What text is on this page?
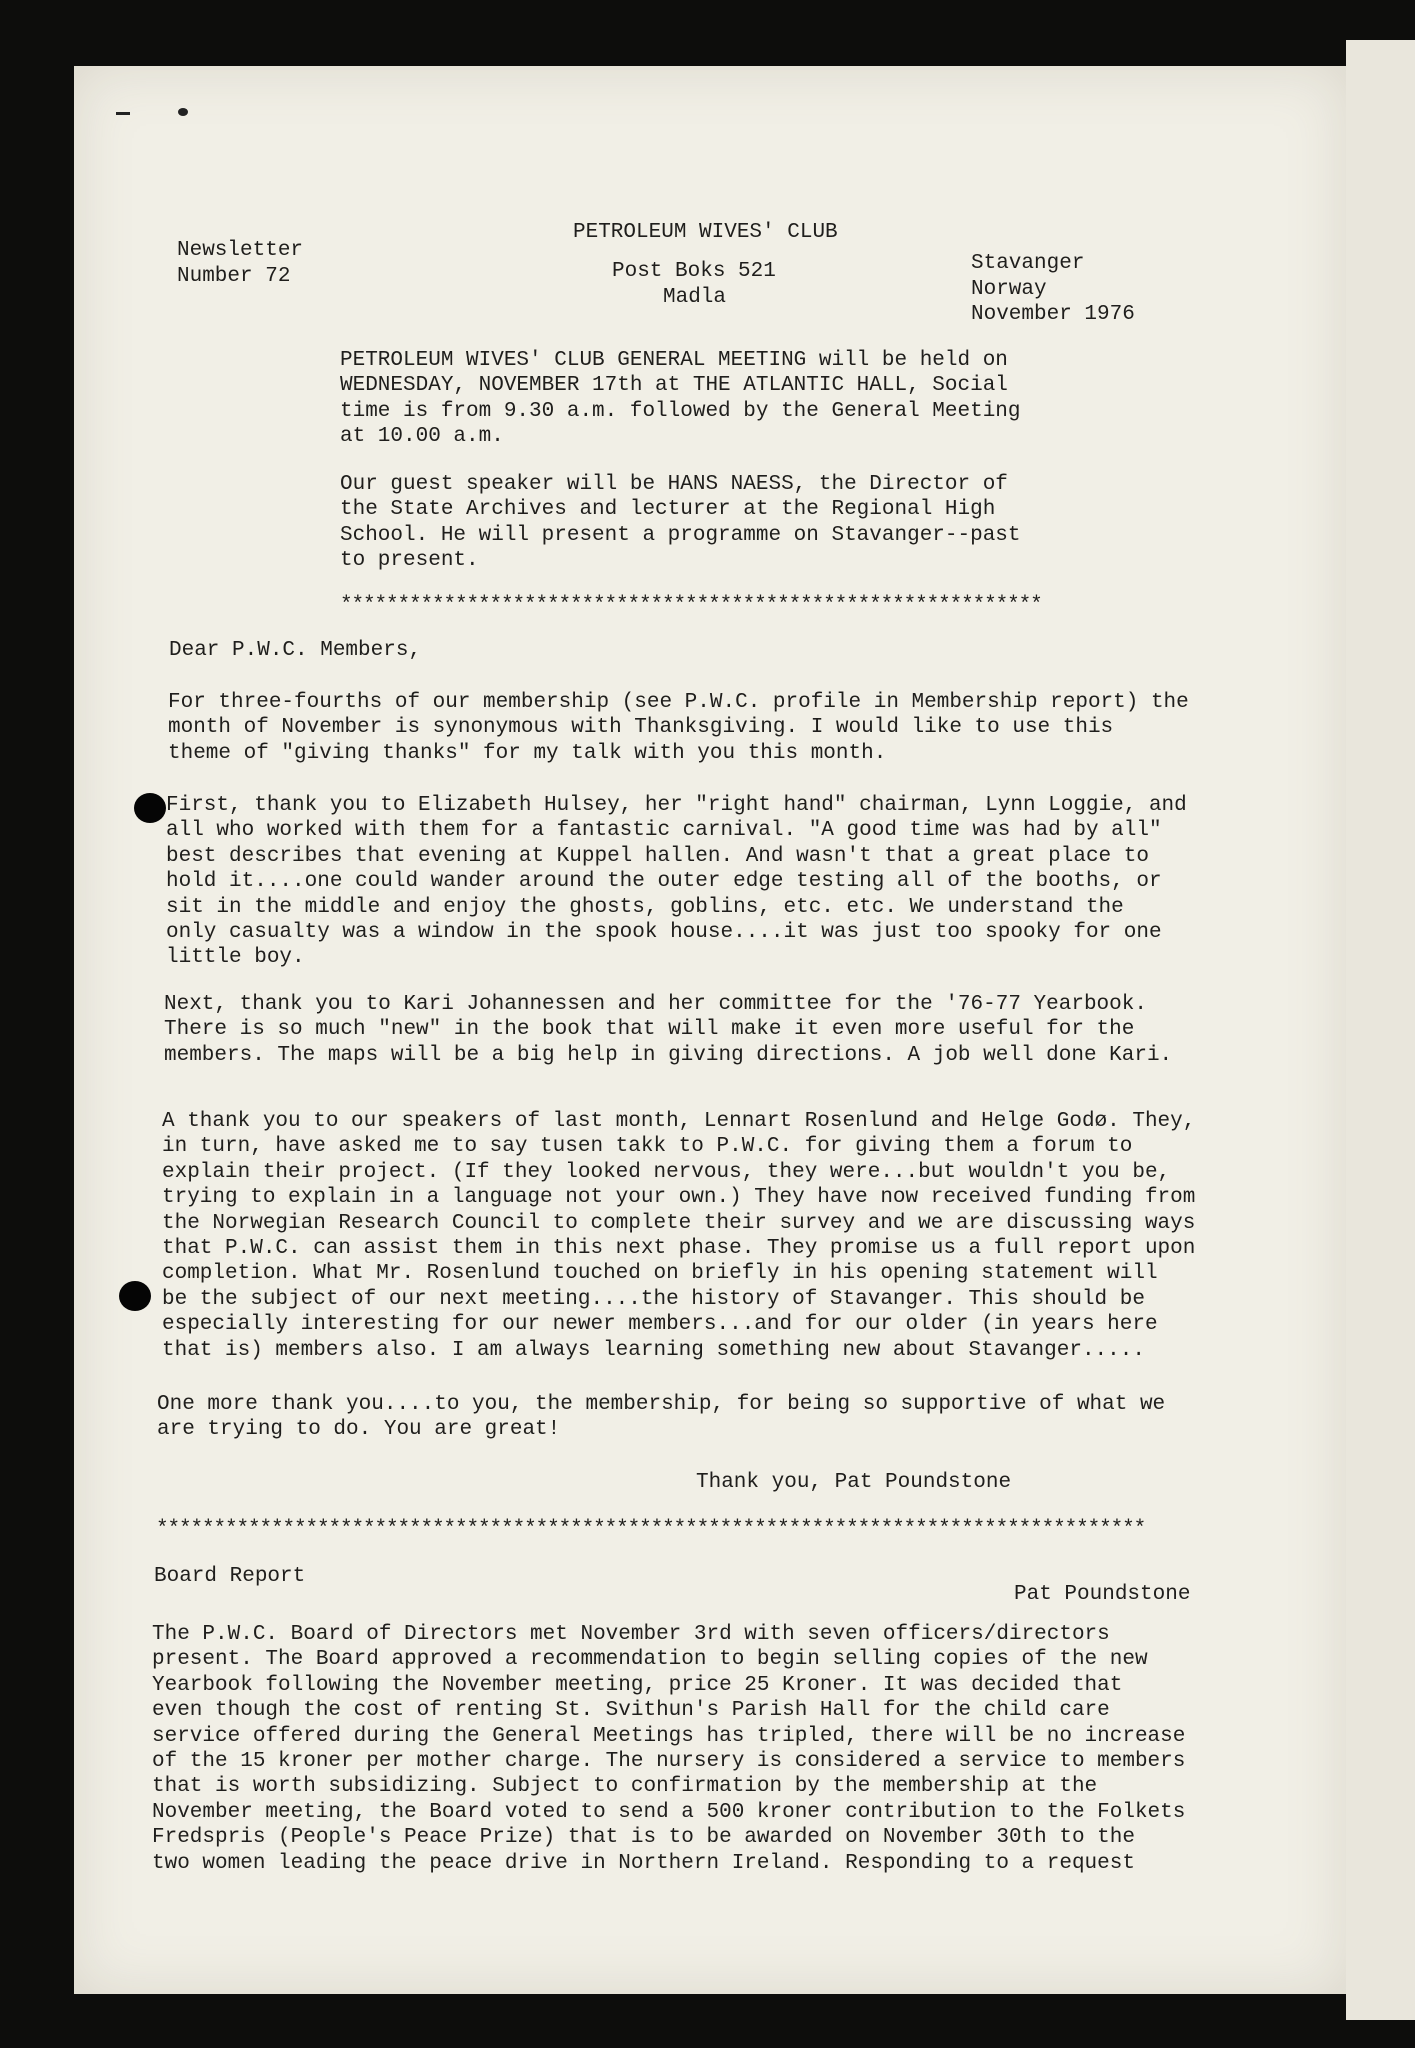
PETROLEUM WIVES' CLUB
Post Boks 521
Madla
Newsletter
Number 72
Stavanger
Norway
November 1976
PETROLEUM WIVES' CLUB GENERAL MEETING will be held on
WEDNESDAY, NOVEMBER 17th at THE ATLANTIC HALL, Social
time is from 9.30 a.m. followed by the General Meeting
at 10.00 a.m.
Our guest speaker will be HANS NAESS, the Director of
the State Archives and lecturer at the Regional High
School. He will present a programme on Stavanger--past
to present.
*************************************************************
Dear P.W.C. Members,
For three-fourths of our membership (see P.W.C. profile in Membership report) the
month of November is synonymous with Thanksgiving. I would like to use this
theme of "giving thanks" for my talk with you this month.
First, thank you to Elizabeth Hulsey, her "right hand" chairman, Lynn Loggie, and
all who worked with them for a fantastic carnival. "A good time was had by all"
best describes that evening at Kuppel hallen. And wasn't that a great place to
hold it....one could wander around the outer edge testing all of the booths, or
sit in the middle and enjoy the ghosts, goblins, etc. etc. We understand the
only casualty was a window in the spook house....it was just too spooky for one
little boy.
Next, thank you to Kari Johannessen and her committee for the '76-77 Yearbook.
There is so much "new" in the book that will make it even more useful for the
members. The maps will be a big help in giving directions. A job well done Kari.
A thank you to our speakers of last month, Lennart Rosenlund and Helge Godø. They,
in turn, have asked me to say tusen takk to P.W.C. for giving them a forum to
explain their project. (If they looked nervous, they were...but wouldn't you be,
trying to explain in a language not your own.) They have now received funding from
the Norwegian Research Council to complete their survey and we are discussing ways
that P.W.C. can assist them in this next phase. They promise us a full report upon
completion. What Mr. Rosenlund touched on briefly in his opening statement will
be the subject of our next meeting....the history of Stavanger. This should be
especially interesting for our newer members...and for our older (in years here
that is) members also. I am always learning something new about Stavanger.....
One more thank you....to you, the membership, for being so supportive of what we
are trying to do. You are great!
Thank you, Pat Poundstone
**************************************************************************************
Board Report
Pat Poundstone
The P.W.C. Board of Directors met November 3rd with seven officers/directors
present. The Board approved a recommendation to begin selling copies of the new
Yearbook following the November meeting, price 25 Kroner. It was decided that
even though the cost of renting St. Svithun's Parish Hall for the child care
service offered during the General Meetings has tripled, there will be no increase
of the 15 kroner per mother charge. The nursery is considered a service to members
that is worth subsidizing. Subject to confirmation by the membership at the
November meeting, the Board voted to send a 500 kroner contribution to the Folkets
Fredspris (People's Peace Prize) that is to be awarded on November 30th to the
two women leading the peace drive in Northern Ireland. Responding to a request
